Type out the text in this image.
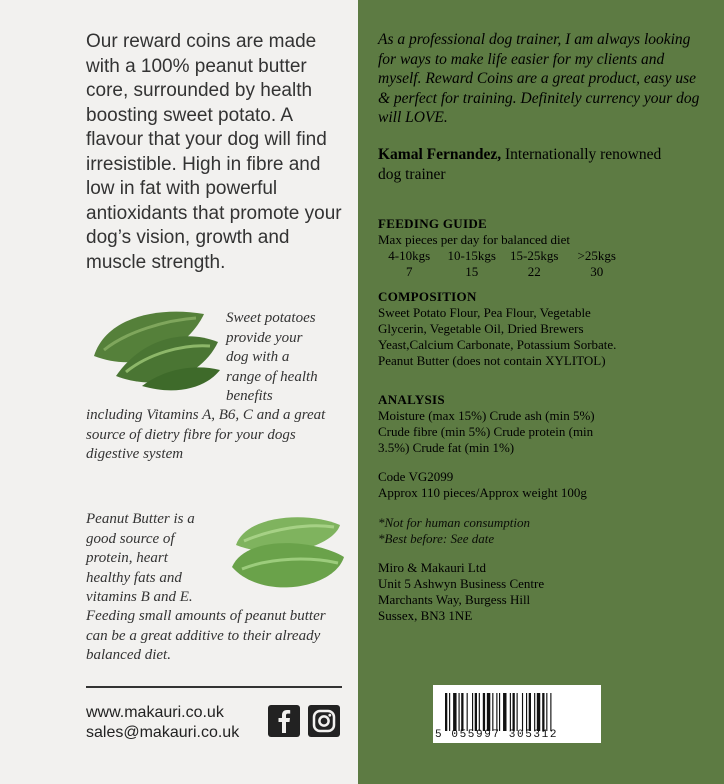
Our reward coins are made with a 100% peanut butter core, surrounded by health boosting sweet potato. A flavour that your dog will find irresistible. High in fibre and low in fat with powerful antioxidants that promote your dog’s vision, growth and muscle strength.
Sweet potatoes
provide your
dog with a
range of health
benefits
including Vitamins A, B6, C and a great source of dietry fibre for your dogs digestive system
Peanut Butter is a
good source of
protein, heart
healthy fats and
vitamins B and E.
Feeding small amounts of peanut butter can be a great additive to their already balanced diet.
www.makauri.co.uk
sales@makauri.co.uk
As a professional dog trainer, I am always looking for ways to make life easier for my clients and myself. Reward Coins are a great product, easy use & perfect for training. Definitely currency your dog will LOVE.
Kamal Fernandez, Internationally renowned dog trainer
FEEDING GUIDE
Max pieces per day for balanced diet
4-10kgs	10-15kgs	15-25kgs	>25kgs
7	15	22	30
COMPOSITION
Sweet Potato Flour, Pea Flour, Vegetable Glycerin, Vegetable Oil, Dried Brewers Yeast,Calcium Carbonate, Potassium Sorbate. Peanut Butter (does not contain XYLITOL)
ANALYSIS
Moisture (max 15%) Crude ash (min 5%) Crude fibre (min 5%) Crude protein (min 3.5%) Crude fat (min 1%)
Code VG2099
Approx 110 pieces/Approx weight 100g
*Not for human consumption
*Best before: See date
Miro & Makauri Ltd
Unit 5 Ashwyn Business Centre
Marchants Way, Burgess Hill
Sussex, BN3 1NE
5 055997 305312
